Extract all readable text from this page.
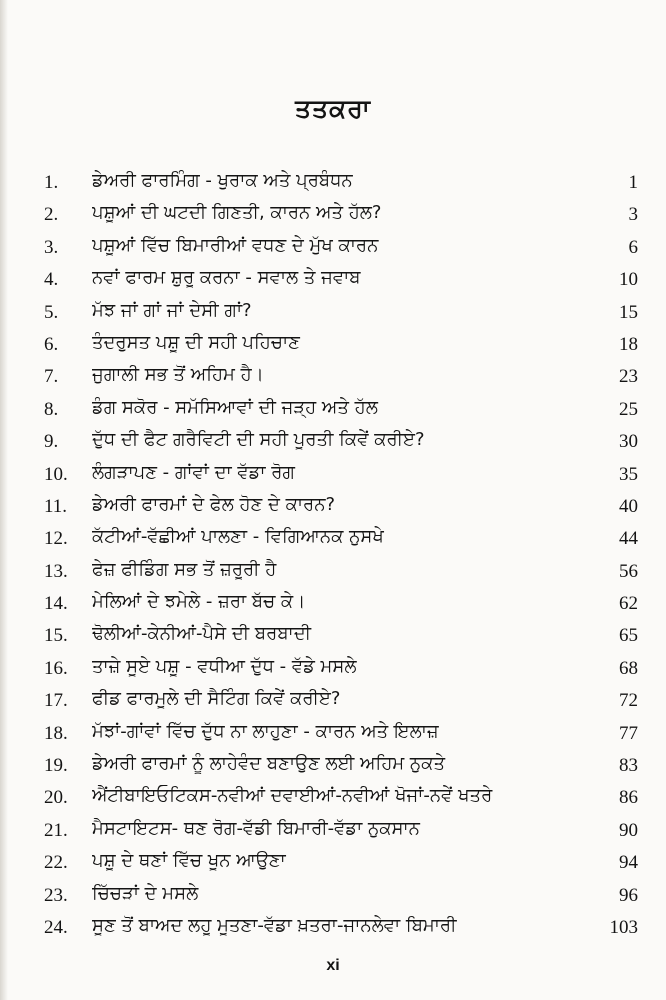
ਤਤਕਰਾ
1. ਡੇਅਰੀ ਫਾਰਮਿੰਗ - ਖੁਰਾਕ ਅਤੇ ਪ੍ਰਬੰਧਨ	1
2. ਪਸ਼ੂਆਂ ਦੀ ਘਟਦੀ ਗਿਣਤੀ, ਕਾਰਨ ਅਤੇ ਹੱਲ?	3
3. ਪਸ਼ੂਆਂ ਵਿੱਚ ਬਿਮਾਰੀਆਂ ਵਧਣ ਦੇ ਮੁੱਖ ਕਾਰਨ	6
4. ਨਵਾਂ ਫਾਰਮ ਸ਼ੁਰੂ ਕਰਨਾ - ਸਵਾਲ ਤੇ ਜਵਾਬ	10
5. ਮੱਝ ਜਾਂ ਗਾਂ ਜਾਂ ਦੇਸੀ ਗਾਂ?	15
6. ਤੰਦਰੁਸਤ ਪਸ਼ੂ ਦੀ ਸਹੀ ਪਹਿਚਾਣ	18
7. ਜੁਗਾਲੀ ਸਭ ਤੋਂ ਅਹਿਮ ਹੈ।	23
8. ਡੰਗ ਸਕੋਰ - ਸਮੱਸਿਆਵਾਂ ਦੀ ਜੜ੍ਹ ਅਤੇ ਹੱਲ	25
9. ਦੁੱਧ ਦੀ ਫੈਟ ਗਰੈਵਿਟੀ ਦੀ ਸਹੀ ਪੂਰਤੀ ਕਿਵੇਂ ਕਰੀਏ?	30
10. ਲੰਗੜਾਪਣ - ਗਾਂਵਾਂ ਦਾ ਵੱਡਾ ਰੋਗ	35
11. ਡੇਅਰੀ ਫਾਰਮਾਂ ਦੇ ਫੇਲ ਹੋਣ ਦੇ ਕਾਰਨ?	40
12. ਕੱਟੀਆਂ-ਵੱਛੀਆਂ ਪਾਲਣਾ - ਵਿਗਿਆਨਕ ਨੁਸਖੇ	44
13. ਫੇਜ਼ ਫੀਡਿੰਗ ਸਭ ਤੋਂ ਜ਼ਰੂਰੀ ਹੈ	56
14. ਮੇਲਿਆਂ ਦੇ ਝਮੇਲੇ - ਜ਼ਰਾ ਬੱਚ ਕੇ।	62
15. ਢੋਲੀਆਂ-ਕੇਨੀਆਂ-ਪੈਸੇ ਦੀ ਬਰਬਾਦੀ	65
16. ਤਾਜ਼ੇ ਸੂਏ ਪਸ਼ੂ - ਵਧੀਆ ਦੁੱਧ - ਵੱਡੇ ਮਸਲੇ	68
17. ਫੀਡ ਫਾਰਮੂਲੇ ਦੀ ਸੈਟਿੰਗ ਕਿਵੇਂ ਕਰੀਏ?	72
18. ਮੱਝਾਂ-ਗਾਂਵਾਂ ਵਿੱਚ ਦੁੱਧ ਨਾ ਲਾਹੁਣਾ - ਕਾਰਨ ਅਤੇ ਇਲਾਜ਼	77
19. ਡੇਅਰੀ ਫਾਰਮਾਂ ਨੂੰ ਲਾਹੇਵੰਦ ਬਣਾਉਣ ਲਈ ਅਹਿਮ ਨੁਕਤੇ	83
20. ਐਂਟੀਬਾਇਓਟਿਕਸ-ਨਵੀਆਂ ਦਵਾਈਆਂ-ਨਵੀਆਂ ਖੋਜਾਂ-ਨਵੇਂ ਖਤਰੇ	86
21. ਮੈਸਟਾਇਟਸ- ਥਣ ਰੋਗ-ਵੱਡੀ ਬਿਮਾਰੀ-ਵੱਡਾ ਨੁਕਸਾਨ	90
22. ਪਸ਼ੂ ਦੇ ਥਣਾਂ ਵਿੱਚ ਖੂਨ ਆਉਣਾ	94
23. ਚਿੱਚੜਾਂ ਦੇ ਮਸਲੇ	96
24. ਸੂਣ ਤੋਂ ਬਾਅਦ ਲਹੂ ਮੂਤਣਾ-ਵੱਡਾ ਖ਼ਤਰਾ-ਜਾਨਲੇਵਾ ਬਿਮਾਰੀ	103
xi
